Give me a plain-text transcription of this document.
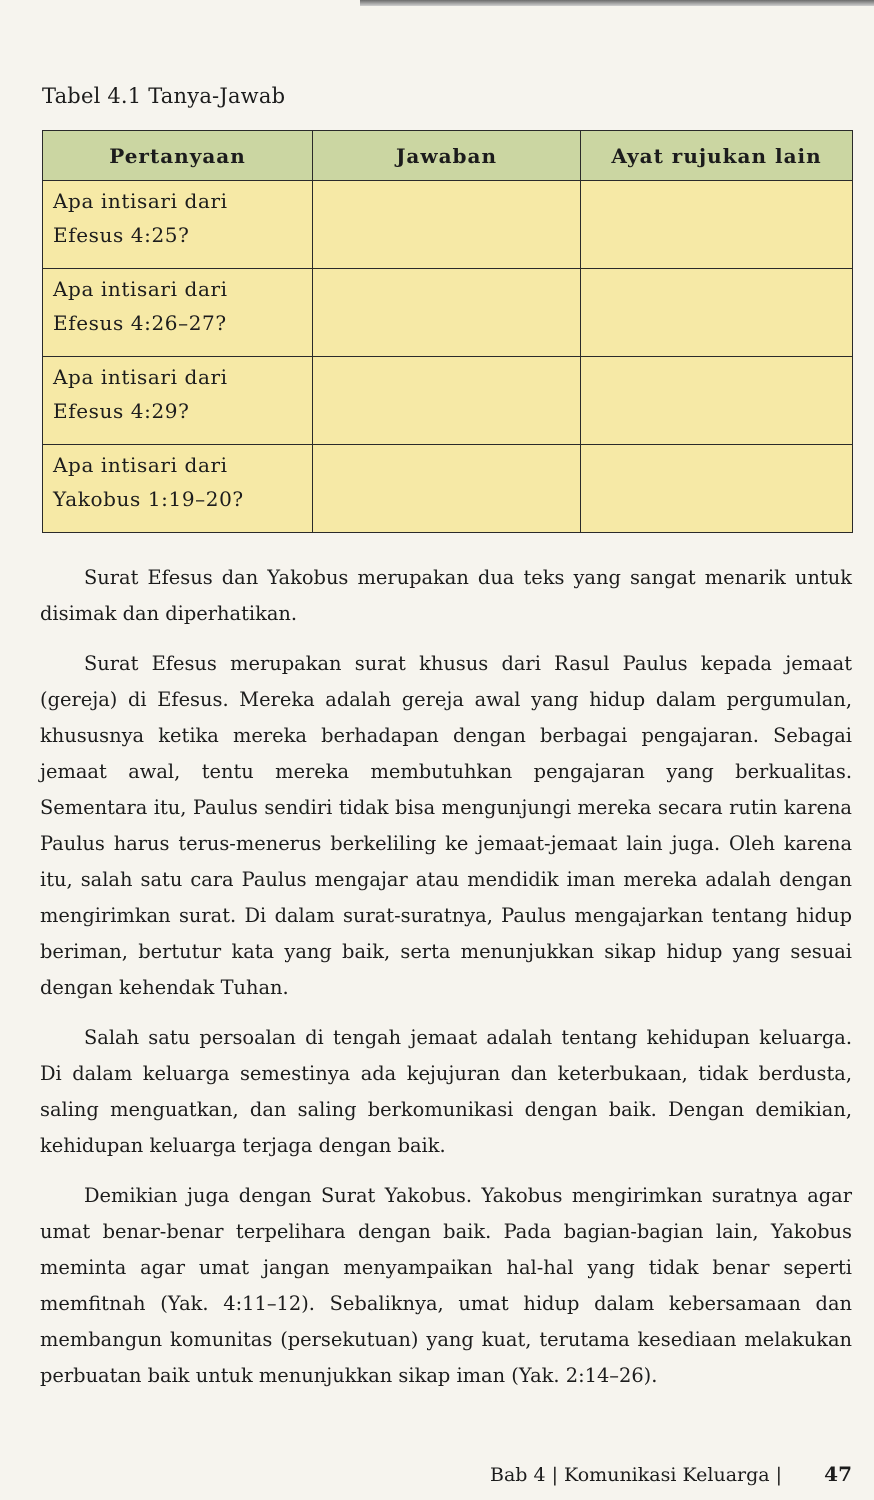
Tabel 4.1 Tanya-Jawab
Pertanyaan	Jawaban	Ayat rujukan lain

Apa intisari dari
Efesus 4:25?		

Apa intisari dari
Efesus 4:26–27?		

Apa intisari dari
Efesus 4:29?		

Apa intisari dari
Yakobus 1:19–20?		

Surat Efesus dan Yakobus merupakan dua teks yang sangat menarik untuk disimak dan diperhatikan.

Surat Efesus merupakan surat khusus dari Rasul Paulus kepada jemaat (gereja) di Efesus. Mereka adalah gereja awal yang hidup dalam pergumulan, khususnya ketika mereka berhadapan dengan berbagai pengajaran. Sebagai jemaat awal, tentu mereka membutuhkan pengajaran yang berkualitas. Sementara itu, Paulus sendiri tidak bisa mengunjungi mereka secara rutin karena Paulus harus terus-menerus berkeliling ke jemaat-jemaat lain juga. Oleh karena itu, salah satu cara Paulus mengajar atau mendidik iman mereka adalah dengan mengirimkan surat. Di dalam surat-suratnya, Paulus mengajarkan tentang hidup beriman, bertutur kata yang baik, serta menunjukkan sikap hidup yang sesuai dengan kehendak Tuhan.

Salah satu persoalan di tengah jemaat adalah tentang kehidupan keluarga. Di dalam keluarga semestinya ada kejujuran dan keterbukaan, tidak berdusta, saling menguatkan, dan saling berkomunikasi dengan baik. Dengan demikian, kehidupan keluarga terjaga dengan baik.

Demikian juga dengan Surat Yakobus. Yakobus mengirimkan suratnya agar umat benar-benar terpelihara dengan baik. Pada bagian-bagian lain, Yakobus meminta agar umat jangan menyampaikan hal-hal yang tidak benar seperti memfitnah (Yak. 4:11–12). Sebaliknya, umat hidup dalam kebersamaan dan membangun komunitas (persekutuan) yang kuat, terutama kesediaan melakukan perbuatan baik untuk menunjukkan sikap iman (Yak. 2:14–26).

Bab 4 | Komunikasi Keluarga |	47
